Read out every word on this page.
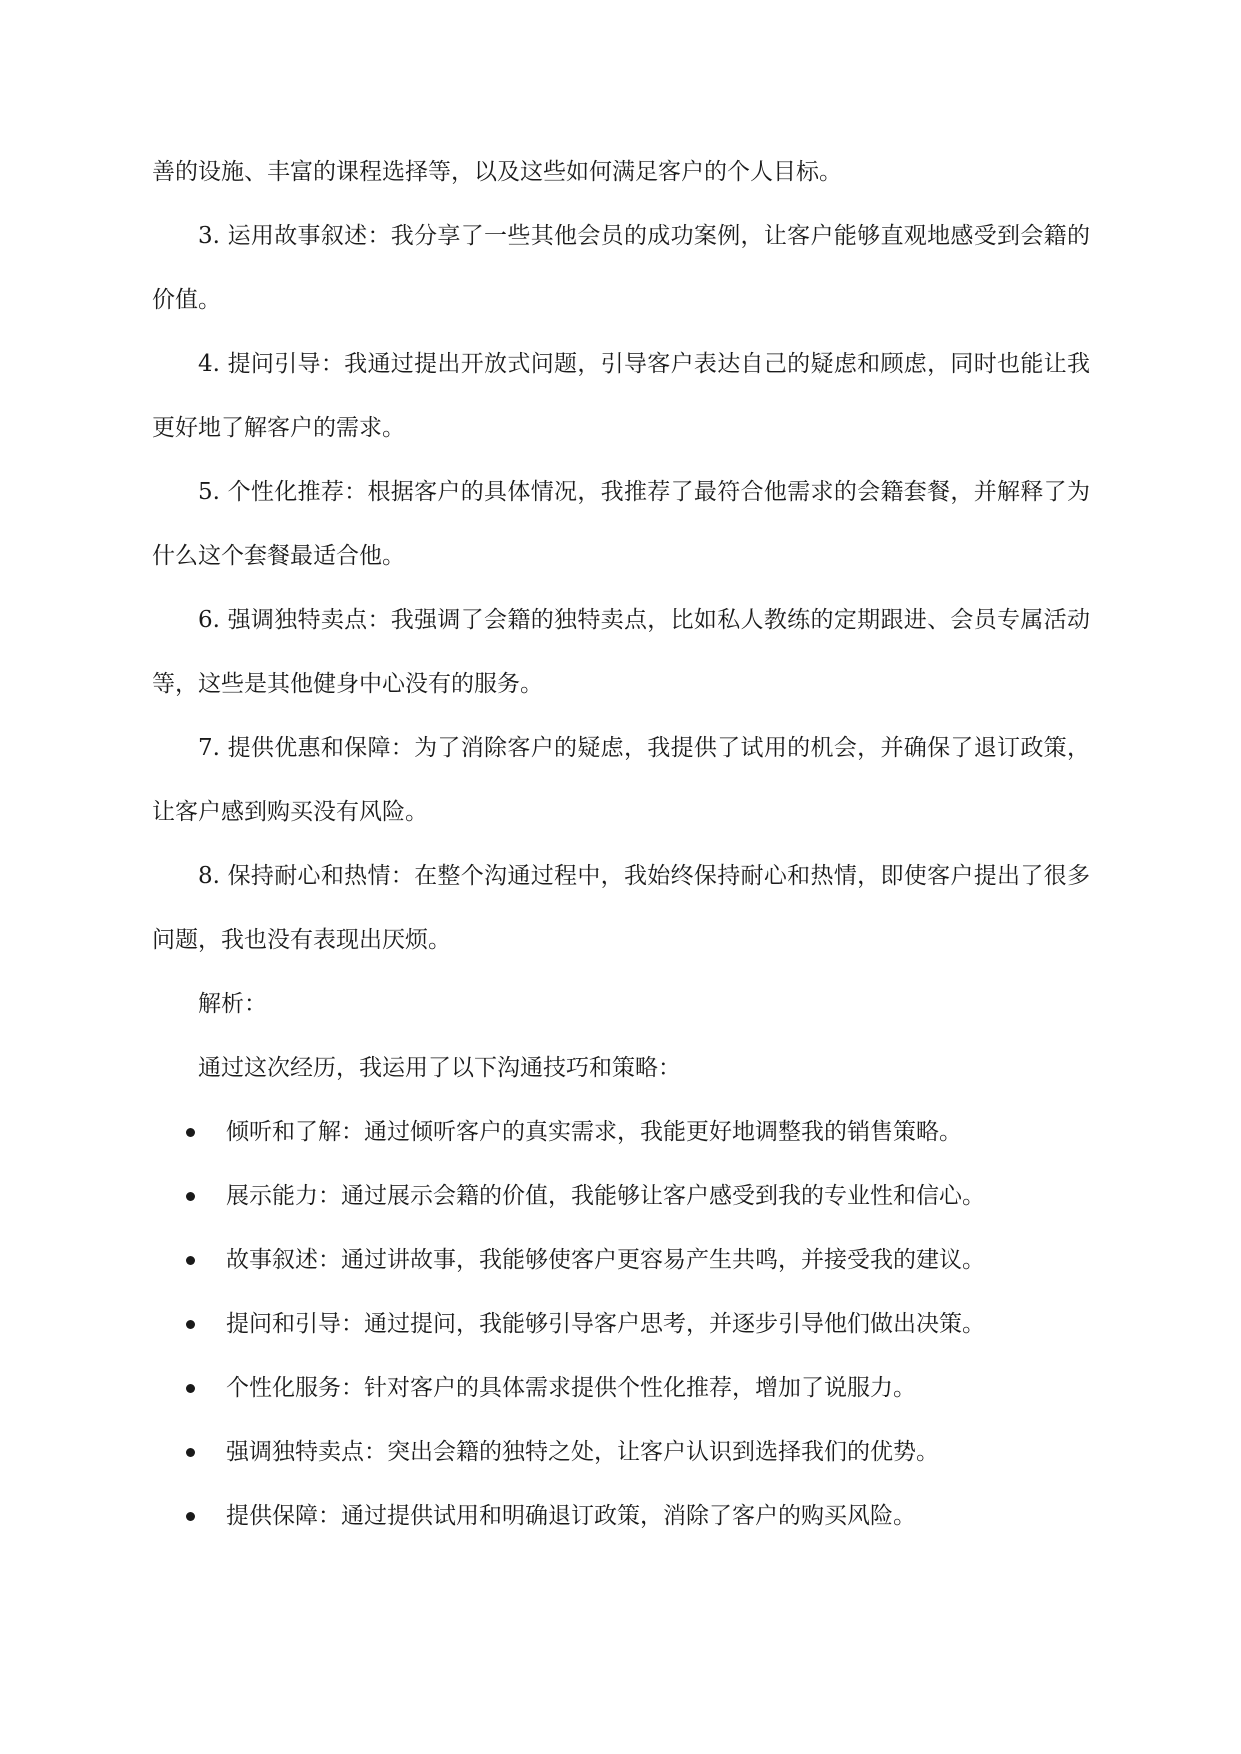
善的设施、丰富的课程选择等，以及这些如何满足客户的个人目标。

3. 运用故事叙述：我分享了一些其他会员的成功案例，让客户能够直观地感受到会籍的价值。

4. 提问引导：我通过提出开放式问题，引导客户表达自己的疑虑和顾虑，同时也能让我更好地了解客户的需求。

5. 个性化推荐：根据客户的具体情况，我推荐了最符合他需求的会籍套餐，并解释了为什么这个套餐最适合他。

6. 强调独特卖点：我强调了会籍的独特卖点，比如私人教练的定期跟进、会员专属活动等，这些是其他健身中心没有的服务。

7. 提供优惠和保障：为了消除客户的疑虑，我提供了试用的机会，并确保了退订政策，让客户感到购买没有风险。

8. 保持耐心和热情：在整个沟通过程中，我始终保持耐心和热情，即使客户提出了很多问题，我也没有表现出厌烦。

解析：

通过这次经历，我运用了以下沟通技巧和策略：

倾听和了解：通过倾听客户的真实需求，我能更好地调整我的销售策略。
展示能力：通过展示会籍的价值，我能够让客户感受到我的专业性和信心。
故事叙述：通过讲故事，我能够使客户更容易产生共鸣，并接受我的建议。
提问和引导：通过提问，我能够引导客户思考，并逐步引导他们做出决策。
个性化服务：针对客户的具体需求提供个性化推荐，增加了说服力。
强调独特卖点：突出会籍的独特之处，让客户认识到选择我们的优势。
提供保障：通过提供试用和明确退订政策，消除了客户的购买风险。
